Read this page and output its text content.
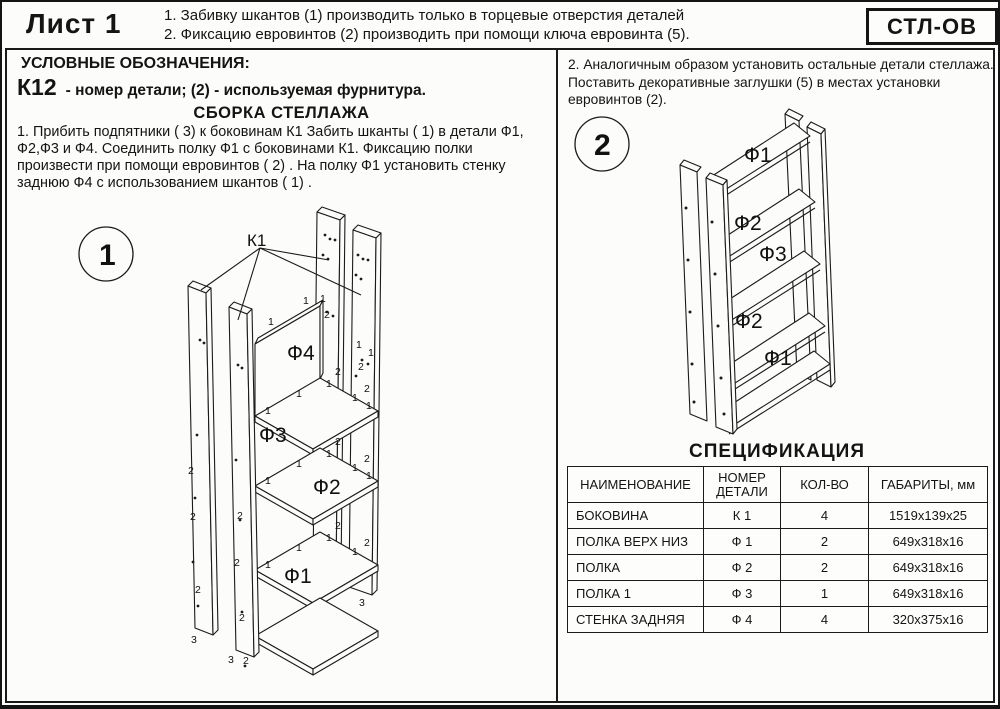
Лист 1	1. Забивку шкантов (1) производить только в торцевые отверстия деталей
2. Фиксацию евровинтов (2) производить при помощи ключа евровинта (5).	СТЛ-ОВ
1
1 1
2
1
1
2
1
1
1
2
2
1
1
1
1
1
2
2
1
1
1
1
1
2
2
1
2
2
2
2
2
2
2
3
3
3
Ф4
Ф3
Ф2
Ф1
К1
1
УСЛОВНЫЕ ОБОЗНАЧЕНИЯ:
К12 - номер детали; (2) - используемая фурнитура.
СБОРКА СТЕЛЛАЖА
1. Прибить подпятники ( 3) к боковинам К1 Забить шканты ( 1) в детали Ф1, Ф2,Ф3 и Ф4. Соединить полку Ф1 с боковинами К1. Фиксацию полки произвести при помощи евровинтов ( 2) . На полку Ф1 установить стенку заднюю Ф4 с использованием шкантов ( 1) .
Ф1
Ф2
Ф3
Ф2
Ф1
2
2. Аналогичным образом установить остальные детали стеллажа. Поставить декоративные заглушки (5) в местах установки евровинтов (2).
СПЕЦИФИКАЦИЯ
НАИМЕНОВАНИЕ	НОМЕР ДЕТАЛИ	КОЛ-ВО	ГАБАРИТЫ, мм
БОКОВИНА	К 1	4	1519х139х25
ПОЛКА ВЕРХ НИЗ	Ф 1	2	649х318х16
ПОЛКА	Ф 2	2	649х318х16
ПОЛКА 1	Ф 3	1	649х318х16
СТЕНКА ЗАДНЯЯ	Ф 4	4	320х375х16
